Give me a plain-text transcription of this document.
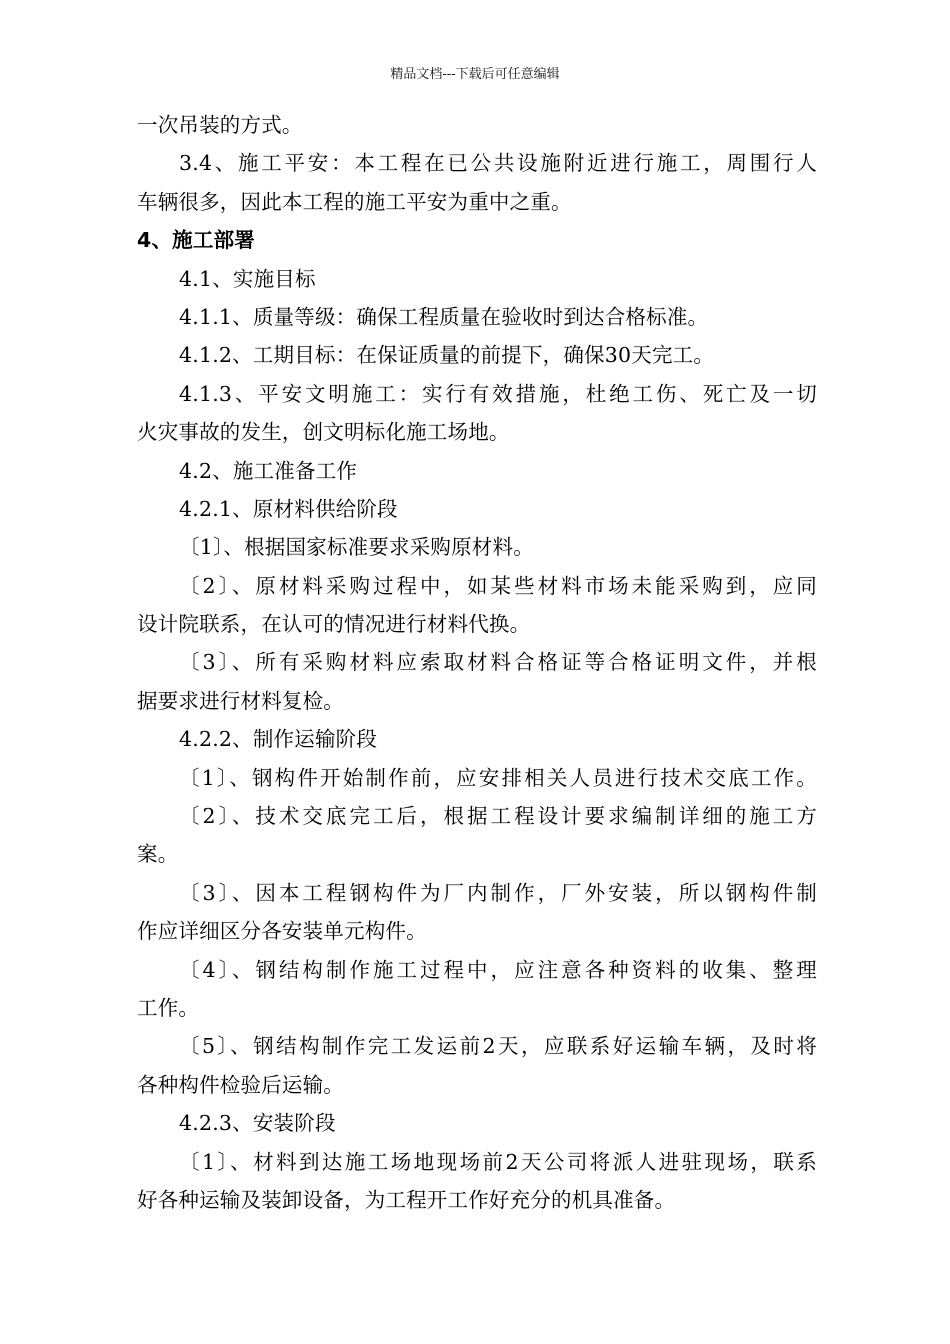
精品文档---下载后可任意编辑
一次吊装的方式。
3.4、施工平安：本工程在已公共设施附近进行施工，周围行人
车辆很多，因此本工程的施工平安为重中之重。
4、施工部署
4.1、实施目标
4.1.1、质量等级：确保工程质量在验收时到达合格标准。
4.1.2、工期目标：在保证质量的前提下，确保30天完工。
4.1.3、平安文明施工：实行有效措施，杜绝工伤、死亡及一切
火灾事故的发生，创文明标化施工场地。
4.2、施工准备工作
4.2.1、原材料供给阶段
〔1〕、根据国家标准要求采购原材料。
〔2〕、原材料采购过程中，如某些材料市场未能采购到，应同
设计院联系，在认可的情况进行材料代换。
〔3〕、所有采购材料应索取材料合格证等合格证明文件，并根
据要求进行材料复检。
4.2.2、制作运输阶段
〔1〕、钢构件开始制作前，应安排相关人员进行技术交底工作。
〔2〕、技术交底完工后，根据工程设计要求编制详细的施工方
案。
〔3〕、因本工程钢构件为厂内制作，厂外安装，所以钢构件制
作应详细区分各安装单元构件。
〔4〕、钢结构制作施工过程中，应注意各种资料的收集、整理
工作。
〔5〕、钢结构制作完工发运前2天，应联系好运输车辆，及时将
各种构件检验后运输。
4.2.3、安装阶段
〔1〕、材料到达施工场地现场前2天公司将派人进驻现场，联系
好各种运输及装卸设备，为工程开工作好充分的机具准备。
